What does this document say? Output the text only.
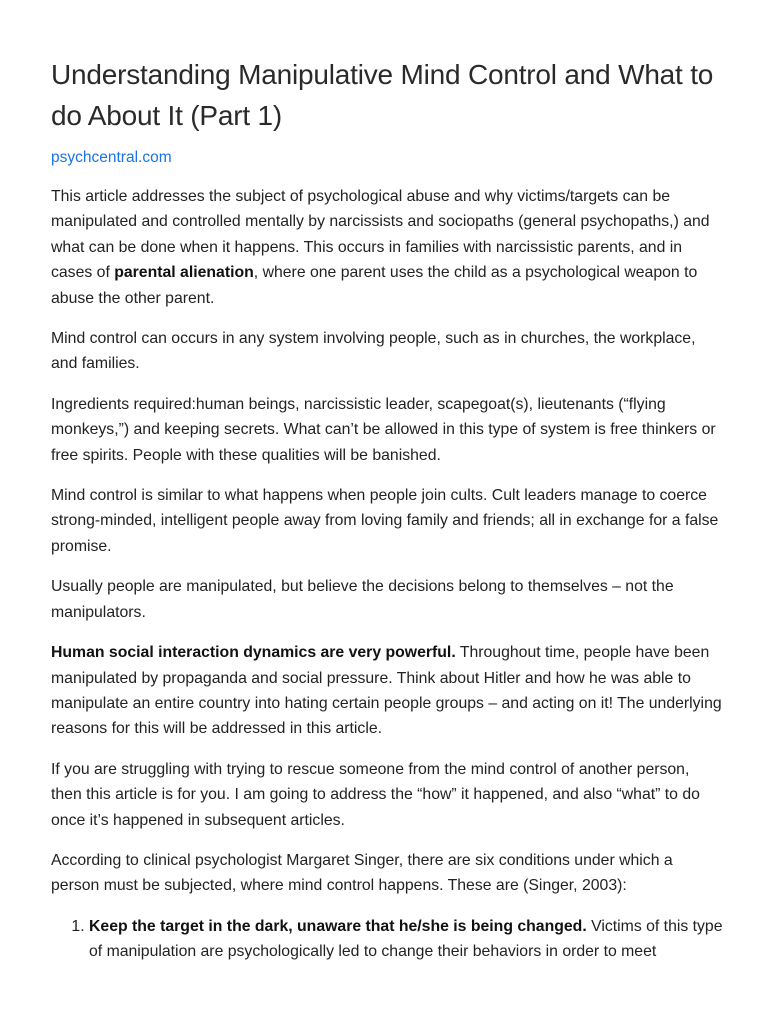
Understanding Manipulative Mind Control and What to do About It (Part 1)
psychcentral.com

This article addresses the subject of psychological abuse and why victims/targets can be manipulated and controlled mentally by narcissists and sociopaths (general psychopaths,) and what can be done when it happens. This occurs in families with narcissistic parents, and in cases of parental alienation, where one parent uses the child as a psychological weapon to abuse the other parent.

Mind control can occurs in any system involving people, such as in churches, the workplace, and families.

Ingredients required:human beings, narcissistic leader, scapegoat(s), lieutenants (“flying monkeys,”) and keeping secrets. What can’t be allowed in this type of system is free thinkers or free spirits. People with these qualities will be banished.

Mind control is similar to what happens when people join cults. Cult leaders manage to coerce strong-minded, intelligent people away from loving family and friends; all in exchange for a false promise.

Usually people are manipulated, but believe the decisions belong to themselves – not the manipulators.

Human social interaction dynamics are very powerful. Throughout time, people have been manipulated by propaganda and social pressure. Think about Hitler and how he was able to manipulate an entire country into hating certain people groups – and acting on it! The underlying reasons for this will be addressed in this article.

If you are struggling with trying to rescue someone from the mind control of another person, then this article is for you. I am going to address the “how” it happened, and also “what” to do once it’s happened in subsequent articles.

According to clinical psychologist Margaret Singer, there are six conditions under which a person must be subjected, where mind control happens. These are (Singer, 2003):

1. Keep the target in the dark, unaware that he/she is being changed. Victims of this type of manipulation are psychologically led to change their behaviors in order to meet
